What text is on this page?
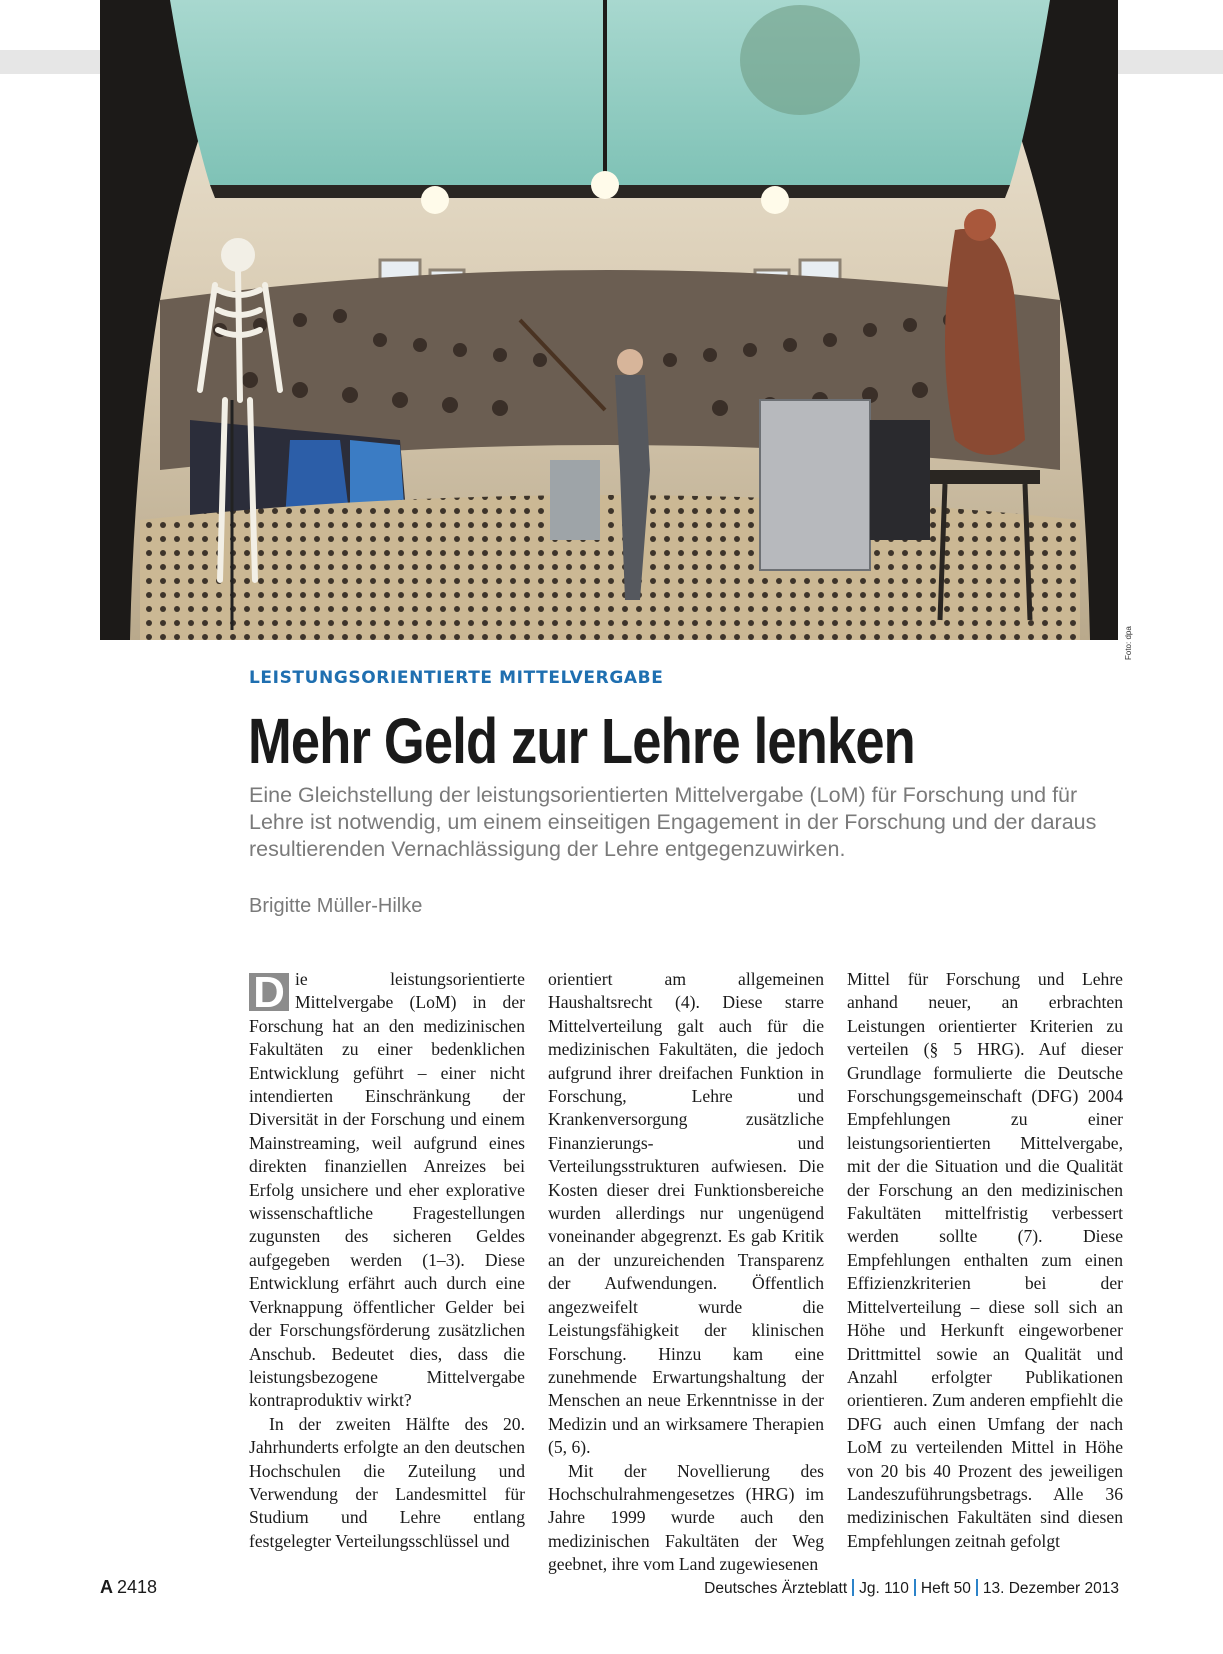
Foto: dpa
LEISTUNGSORIENTIERTE MITTELVERGABE
Mehr Geld zur Lehre lenken

Eine Gleichstellung der leistungsorientierten Mittelvergabe (LoM) für Forschung und für Lehre ist notwendig, um einem einseitigen Engagement in der Forschung und der daraus resultierenden Vernachlässigung der Lehre entgegenzuwirken.

Brigitte Müller-Hilke

D ie leistungsorientierte Mittelvergabe (LoM) in der Forschung hat an den medizinischen Fakultäten zu einer bedenklichen Entwicklung geführt – einer nicht intendierten Einschränkung der Diversität in der Forschung und einem Mainstreaming, weil aufgrund eines direkten finanziellen Anreizes bei Erfolg unsichere und eher explorative wissenschaftliche Fragestellungen zugunsten des sicheren Geldes aufgegeben werden (1–3). Diese Entwicklung erfährt auch durch eine Verknappung öffentlicher Gelder bei der Forschungsförderung zusätzlichen Anschub. Bedeutet dies, dass die leistungsbezogene Mittelvergabe kontraproduktiv wirkt?

In der zweiten Hälfte des 20. Jahrhunderts erfolgte an den deutschen Hochschulen die Zuteilung und Verwendung der Landesmittel für Studium und Lehre entlang festgelegter Verteilungsschlüssel und

orientiert am allgemeinen Haushaltsrecht (4). Diese starre Mittelverteilung galt auch für die medizinischen Fakultäten, die jedoch aufgrund ihrer dreifachen Funktion in Forschung, Lehre und Krankenversorgung zusätzliche Finanzierungs- und Verteilungsstrukturen aufwiesen. Die Kosten dieser drei Funktionsbereiche wurden allerdings nur ungenügend voneinander abgegrenzt. Es gab Kritik an der unzureichenden Transparenz der Aufwendungen. Öffentlich angezweifelt wurde die Leistungsfähigkeit der klinischen Forschung. Hinzu kam eine zunehmende Erwartungshaltung der Menschen an neue Erkenntnisse in der Medizin und an wirksamere Therapien (5, 6).

Mit der Novellierung des Hochschulrahmengesetzes (HRG) im Jahre 1999 wurde auch den medizinischen Fakultäten der Weg geebnet, ihre vom Land zugewiesenen

Mittel für Forschung und Lehre anhand neuer, an erbrachten Leistungen orientierter Kriterien zu verteilen (§ 5 HRG). Auf dieser Grundlage formulierte die Deutsche Forschungsgemeinschaft (DFG) 2004 Empfehlungen zu einer leistungsorientierten Mittelvergabe, mit der die Situation und die Qualität der Forschung an den medizinischen Fakultäten mittelfristig verbessert werden sollte (7). Diese Empfehlungen enthalten zum einen Effizienzkriterien bei der Mittelverteilung – diese soll sich an Höhe und Herkunft eingeworbener Drittmittel sowie an Qualität und Anzahl erfolgter Publikationen orientieren. Zum anderen empfiehlt die DFG auch einen Umfang der nach LoM zu verteilenden Mittel in Höhe von 20 bis 40 Prozent des jeweiligen Landeszuführungsbetrags. Alle 36 medizinischen Fakultäten sind diesen Empfehlungen zeitnah gefolgt

A 2418	Deutsches Ärzteblatt Jg. 110 Heft 50 13. Dezember 2013
